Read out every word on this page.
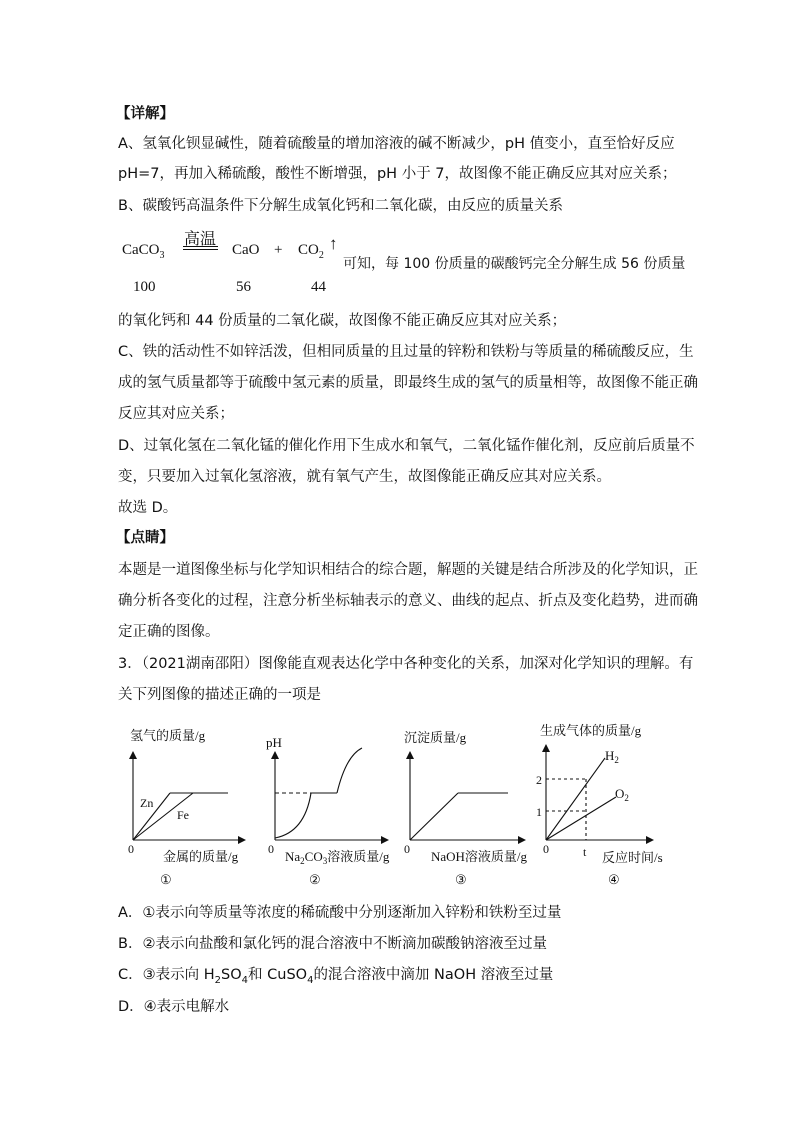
【详解】
A、氢氧化钡显碱性，随着硫酸量的增加溶液的碱不断减少，pH 值变小，直至恰好反应
pH=7，再加入稀硫酸，酸性不断增强，pH 小于 7，故图像不能正确反应其对应关系；
B、碳酸钙高温条件下分解生成氧化钙和二氧化碳，由反应的质量关系
CaCO$_3$
高温
CaO + $CO_2$
↑
100	56	44
可知，每 100 份质量的碳酸钙完全分解生成 56 份质量
的氧化钙和 44 份质量的二氧化碳，故图像不能正确反应其对应关系；
C、铁的活动性不如锌活泼，但相同质量的且过量的锌粉和铁粉与等质量的稀硫酸反应，生
成的氢气质量都等于硫酸中氢元素的质量，即最终生成的氢气的质量相等，故图像不能正确
反应其对应关系；
D、过氧化氢在二氧化锰的催化作用下生成水和氧气，二氧化锰作催化剂，反应前后质量不
变，只要加入过氧化氢溶液，就有氧气产生，故图像能正确反应其对应关系。
故选 D。
【点睛】
本题是一道图像坐标与化学知识相结合的综合题，解题的关键是结合所涉及的化学知识，正
确分析各变化的过程，注意分析坐标轴表示的意义、曲线的起点、折点及变化趋势，进而确
定正确的图像。
3．（2021湖南邵阳）图像能直观表达化学中各种变化的关系，加深对化学知识的理解。有
关下列图像的描述正确的一项是
氢气的质量/g
金属的质量/g
0
Zn
Fe
①
pH
0 $Na_2CO_3$溶液质量/g
②
沉淀质量/g
0 NaOH溶液质量/g
③
生成气体的质量/g
2
1
0	t 反应时间/s
$H_2$
$O_2$
④
A．①表示向等质量等浓度的稀硫酸中分别逐渐加入锌粉和铁粉至过量
B．②表示向盐酸和氯化钙的混合溶液中不断滴加碳酸钠溶液至过量
C．③表示向 $H_2SO_4$和 CuSO$_4$的混合溶液中滴加 NaOH 溶液至过量
D．④表示电解水
